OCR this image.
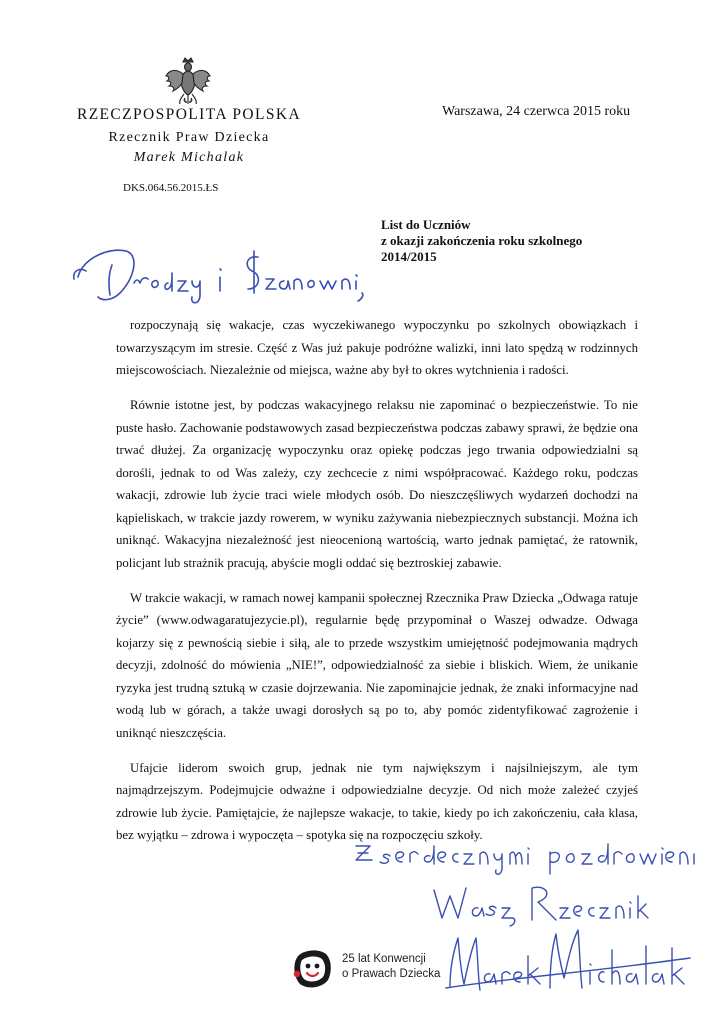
RZECZPOSPOLITA POLSKA
Rzecznik Praw Dziecka
Marek Michalak
DKS.064.56.2015.ŁS
Warszawa, 24 czerwca 2015 roku
List do Uczniów
z okazji zakończenia roku szkolnego
2014/2015

rozpoczynają się wakacje, czas wyczekiwanego wypoczynku po szkolnych obowiązkach i towarzyszącym im stresie. Część z Was już pakuje podróżne walizki, inni lato spędzą w rodzinnych miejscowościach. Niezależnie od miejsca, ważne aby był to okres wytchnienia i radości.

Równie istotne jest, by podczas wakacyjnego relaksu nie zapominać o bezpieczeństwie. To nie puste hasło. Zachowanie podstawowych zasad bezpieczeństwa podczas zabawy sprawi, że będzie ona trwać dłużej. Za organizację wypoczynku oraz opiekę podczas jego trwania odpowiedzialni są dorośli, jednak to od Was zależy, czy zechcecie z nimi współpracować. Każdego roku, podczas wakacji, zdrowie lub życie traci wiele młodych osób. Do nieszczęśliwych wydarzeń dochodzi na kąpieliskach, w trakcie jazdy rowerem, w wyniku zażywania niebezpiecznych substancji. Można ich uniknąć. Wakacyjna niezależność jest nieocenioną wartością, warto jednak pamiętać, że ratownik, policjant lub strażnik pracują, abyście mogli oddać się beztroskiej zabawie.

W trakcie wakacji, w ramach nowej kampanii społecznej Rzecznika Praw Dziecka „Odwaga ratuje życie” (www.odwagaratujezycie.pl), regularnie będę przypominał o Waszej odwadze. Odwaga kojarzy się z pewnością siebie i siłą, ale to przede wszystkim umiejętność podejmowania mądrych decyzji, zdolność do mówienia „NIE!”, odpowiedzialność za siebie i bliskich. Wiem, że unikanie ryzyka jest trudną sztuką w czasie dojrzewania. Nie zapominajcie jednak, że znaki informacyjne nad wodą lub w górach, a także uwagi dorosłych są po to, aby pomóc zidentyfikować zagrożenie i uniknąć nieszczęścia.

Ufajcie liderom swoich grup, jednak nie tym największym i najsilniejszym, ale tym najmądrzejszym. Podejmujcie odważne i odpowiedzialne decyzje. Od nich może zależeć czyjeś zdrowie lub życie. Pamiętajcie, że najlepsze wakacje, to takie, kiedy po ich zakończeniu, cała klasa, bez wyjątku – zdrowa i wypoczęta – spotyka się na rozpoczęciu szkoły.

25 lat Konwencji
o Prawach Dziecka
